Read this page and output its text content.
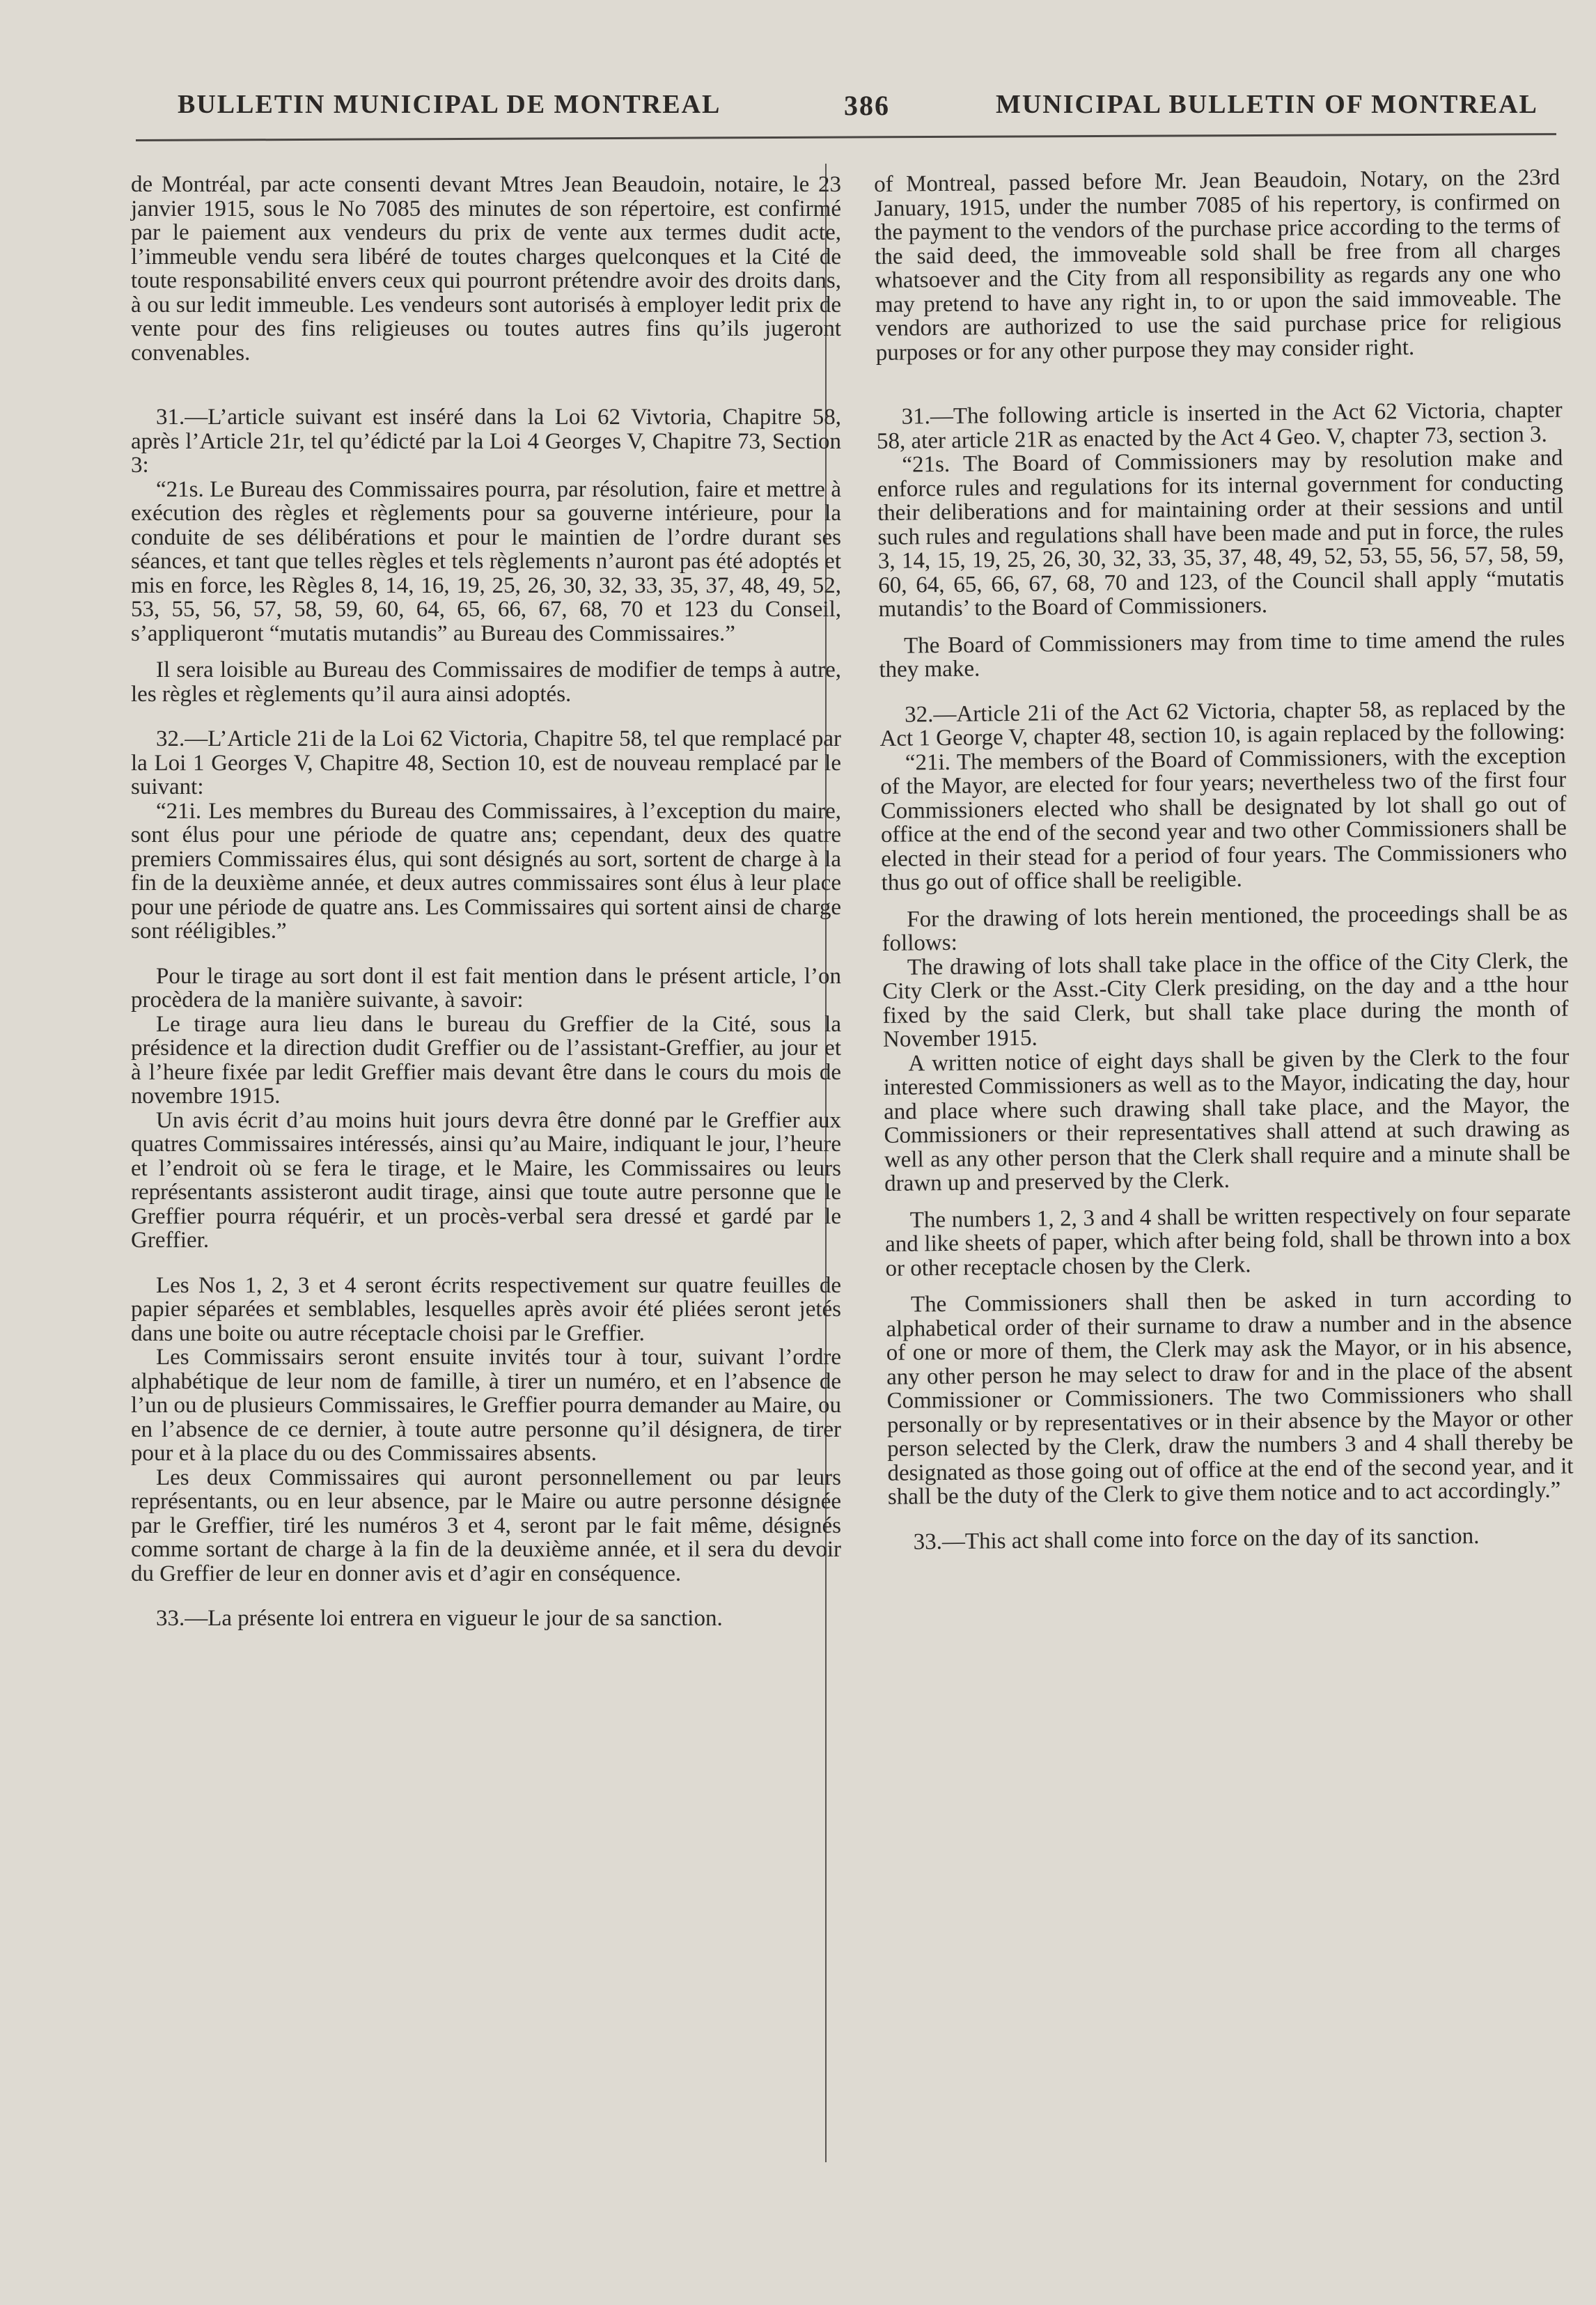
BULLETIN MUNICIPAL DE MONTREAL	386	MUNICIPAL BULLETIN OF MONTREAL

de Montréal, par acte consenti devant Mtres Jean Beaudoin, notaire, le 23 janvier 1915, sous le No 7085 des minutes de son répertoire, est confirmé par le paiement aux vendeurs du prix de vente aux termes dudit acte, l’immeuble vendu sera libéré de toutes charges quelconques et la Cité de toute responsabilité envers ceux qui pourront prétendre avoir des droits dans, à ou sur ledit immeuble. Les vendeurs sont autorisés à employer ledit prix de vente pour des fins religieuses ou toutes autres fins qu’ils jugeront convenables.

31.—L’article suivant est inséré dans la Loi 62 Vivtoria, Chapitre 58, après l’Article 21r, tel qu’édicté par la Loi 4 Georges V, Chapitre 73, Section 3:

“21s. Le Bureau des Commissaires pourra, par résolution, faire et mettre à exécution des règles et règlements pour sa gouverne intérieure, pour la conduite de ses délibérations et pour le maintien de l’ordre durant ses séances, et tant que telles règles et tels règlements n’auront pas été adoptés et mis en force, les Règles 8, 14, 16, 19, 25, 26, 30, 32, 33, 35, 37, 48, 49, 52, 53, 55, 56, 57, 58, 59, 60, 64, 65, 66, 67, 68, 70 et 123 du Conseil, s’appliqueront “mutatis mutandis” au Bureau des Commissaires.”

Il sera loisible au Bureau des Commissaires de modifier de temps à autre, les règles et règlements qu’il aura ainsi adoptés.

32.—L’Article 21i de la Loi 62 Victoria, Chapitre 58, tel que remplacé par la Loi 1 Georges V, Chapitre 48, Section 10, est de nouveau remplacé par le suivant:

“21i. Les membres du Bureau des Commissaires, à l’exception du maire, sont élus pour une période de quatre ans; cependant, deux des quatre premiers Commissaires élus, qui sont désignés au sort, sortent de charge à la fin de la deuxième année, et deux autres commissaires sont élus à leur place pour une période de quatre ans. Les Commissaires qui sortent ainsi de charge sont rééligibles.”

Pour le tirage au sort dont il est fait mention dans le présent article, l’on procèdera de la manière suivante, à savoir:

Le tirage aura lieu dans le bureau du Greffier de la Cité, sous la présidence et la direction dudit Greffier ou de l’assistant-Greffier, au jour et à l’heure fixée par ledit Greffier mais devant être dans le cours du mois de novembre 1915.

Un avis écrit d’au moins huit jours devra être donné par le Greffier aux quatres Commissaires intéressés, ainsi qu’au Maire, indiquant le jour, l’heure et l’endroit où se fera le tirage, et le Maire, les Commissaires ou leurs représentants assisteront audit tirage, ainsi que toute autre personne que le Greffier pourra réquérir, et un procès-verbal sera dressé et gardé par le Greffier.

Les Nos 1, 2, 3 et 4 seront écrits respectivement sur quatre feuilles de papier séparées et semblables, lesquelles après avoir été pliées seront jetés dans une boite ou autre réceptacle choisi par le Greffier.

Les Commissairs seront ensuite invités tour à tour, suivant l’ordre alphabétique de leur nom de famille, à tirer un numéro, et en l’absence de l’un ou de plusieurs Commissaires, le Greffier pourra demander au Maire, ou en l’absence de ce dernier, à toute autre personne qu’il désignera, de tirer pour et à la place du ou des Commissaires absents.

Les deux Commissaires qui auront personnellement ou par leurs représentants, ou en leur absence, par le Maire ou autre personne désignée par le Greffier, tiré les numéros 3 et 4, seront par le fait même, désignés comme sortant de charge à la fin de la deuxième année, et il sera du devoir du Greffier de leur en donner avis et d’agir en conséquence.

33.—La présente loi entrera en vigueur le jour de sa sanction.

of Montreal, passed before Mr. Jean Beaudoin, Notary, on the 23rd January, 1915, under the number 7085 of his repertory, is confirmed on the payment to the vendors of the purchase price according to the terms of the said deed, the immoveable sold shall be free from all charges whatsoever and the City from all responsibility as regards any one who may pretend to have any right in, to or upon the said immoveable. The vendors are authorized to use the said purchase price for religious purposes or for any other purpose they may consider right.

31.—The following article is inserted in the Act 62 Victoria, chapter 58, ater article 21R as enacted by the Act 4 Geo. V, chapter 73, section 3.

“21s. The Board of Commissioners may by resolution make and enforce rules and regulations for its internal government for conducting their deliberations and for maintaining order at their sessions and until such rules and regulations shall have been made and put in force, the rules 3, 14, 15, 19, 25, 26, 30, 32, 33, 35, 37, 48, 49, 52, 53, 55, 56, 57, 58, 59, 60, 64, 65, 66, 67, 68, 70 and 123, of the Council shall apply “mutatis mutandis’ to the Board of Commissioners.

The Board of Commissioners may from time to time amend the rules they make.

32.—Article 21i of the Act 62 Victoria, chapter 58, as replaced by the Act 1 George V, chapter 48, section 10, is again replaced by the following:

“21i. The members of the Board of Commissioners, with the exception of the Mayor, are elected for four years; nevertheless two of the first four Commissioners elected who shall be designated by lot shall go out of office at the end of the second year and two other Commissioners shall be elected in their stead for a period of four years. The Commissioners who thus go out of office shall be reeligible.

For the drawing of lots herein mentioned, the proceedings shall be as follows:

The drawing of lots shall take place in the office of the City Clerk, the City Clerk or the Asst.-City Clerk presiding, on the day and a tthe hour fixed by the said Clerk, but shall take place during the month of November 1915.

A written notice of eight days shall be given by the Clerk to the four interested Commissioners as well as to the Mayor, indicating the day, hour and place where such drawing shall take place, and the Mayor, the Commissioners or their representatives shall attend at such drawing as well as any other person that the Clerk shall require and a minute shall be drawn up and preserved by the Clerk.

The numbers 1, 2, 3 and 4 shall be written respectively on four separate and like sheets of paper, which after being fold, shall be thrown into a box or other receptacle chosen by the Clerk.

The Commissioners shall then be asked in turn according to alphabetical order of their surname to draw a number and in the absence of one or more of them, the Clerk may ask the Mayor, or in his absence, any other person he may select to draw for and in the place of the absent Commissioner or Commissioners. The two Commissioners who shall personally or by representatives or in their absence by the Mayor or other person selected by the Clerk, draw the numbers 3 and 4 shall thereby be designated as those going out of office at the end of the second year, and it shall be the duty of the Clerk to give them notice and to act accordingly.”

33.—This act shall come into force on the day of its sanction.
